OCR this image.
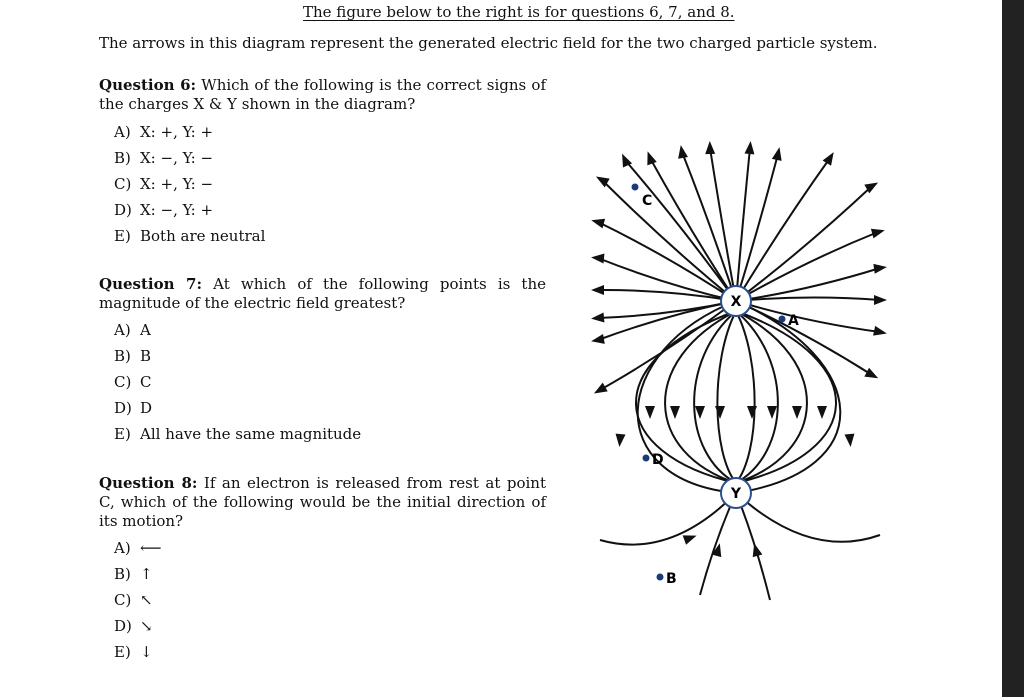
The figure below to the right is for questions 6, 7, and 8.
The arrows in this diagram represent the generated electric field for the two charged particle system.
Question 6: Which of the following is the correct signs of the charges X & Y shown in the diagram?
A) X: +, Y: +
B) X: −, Y: −
C) X: +, Y: −
D) X: −, Y: +
E) Both are neutral
Question 7: At which of the following points is the magnitude of the electric field greatest?
A) A
B) B
C) C
D) D
E) All have the same magnitude
Question 8: If an electron is released from rest at point C, which of the following would be the initial direction of its motion?
A) ⟵
B) ↑
C) ↖
D) ↘
E) ↓
X
Y
C
A
D
B
